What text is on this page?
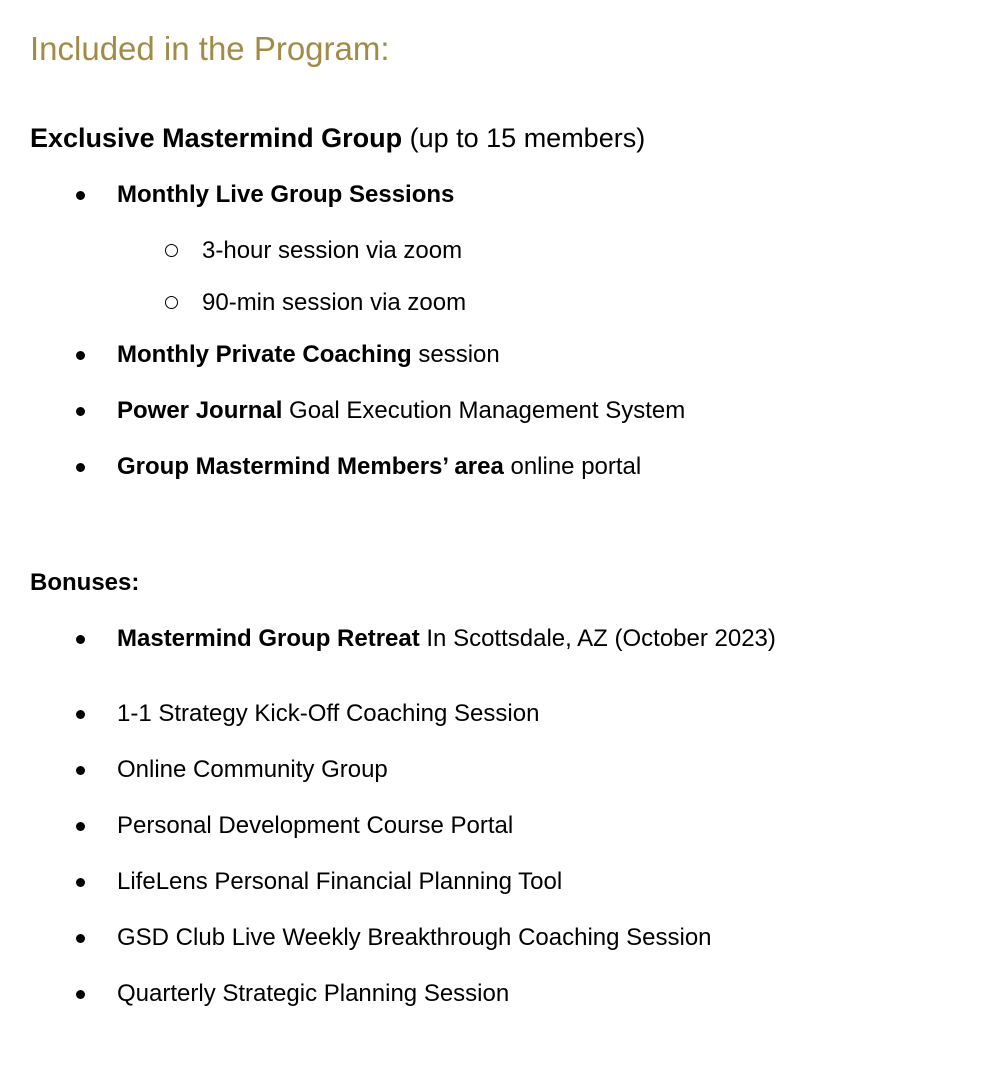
Included in the Program:

Exclusive Mastermind Group (up to 15 members)

Monthly Live Group Sessions
3-hour session via zoom
90-min session via zoom
Monthly Private Coaching session
Power Journal Goal Execution Management System
Group Mastermind Members’ area online portal

Bonuses:

Mastermind Group Retreat In Scottsdale, AZ (October 2023)
1-1 Strategy Kick-Off Coaching Session
Online Community Group
Personal Development Course Portal
LifeLens Personal Financial Planning Tool
GSD Club Live Weekly Breakthrough Coaching Session
Quarterly Strategic Planning Session
